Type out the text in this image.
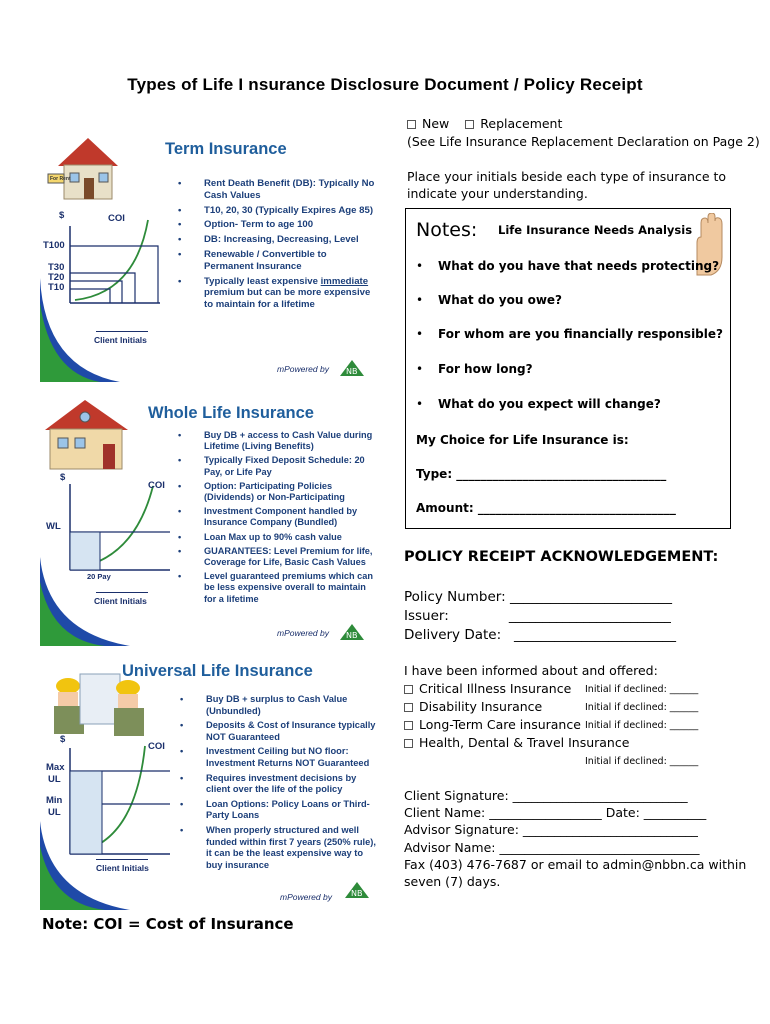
Types of Life I nsurance Disclosure Document / Policy Receipt
New Replacement
(See Life Insurance Replacement Declaration on Page 2)
Place your initials beside each type of insurance to
indicate your understanding.
Term Insurance
$	COI
T100
T30
T20
T10
For Rent
•	Rent Death Benefit (DB): Typically No Cash Values
• T10, 20, 30 (Typically Expires Age 85)
• Option- Term to age 100
• DB: Increasing, Decreasing, Level
• Renewable / Convertible to Permanent Insurance
• Typically least expensive immediate premium but can be more expensive to maintain for a lifetime
Client Initials
mPowered by NB
Whole Life Insurance
$
COI
WL
20 Pay
• Buy DB + access to Cash Value during Lifetime (Living Benefits)
• Typically Fixed Deposit Schedule: 20 Pay, or Life Pay
• Option: Participating Policies (Dividends) or Non-Participating
• Investment Component handled by Insurance Company (Bundled)
• Loan Max up to 90% cash value
• GUARANTEES: Level Premium for life, Coverage for Life, Basic Cash Values
• Level guaranteed premiums which can be less expensive overall to maintain for a lifetime
Client Initials
mPowered by NB
Universal Life Insurance
$
COI
Max
UL
Min
UL
• Buy DB + surplus to Cash Value (Unbundled)
• Deposits & Cost of Insurance typically NOT Guaranteed
• Investment Ceiling but NO floor: Investment Returns NOT Guaranteed
• Requires investment decisions by client over the life of the policy
• Loan Options: Policy Loans or Third-Party Loans
• When properly structured and well funded within first 7 years (250% rule), it can be the least expensive way to buy insurance
Client Initials
mPowered by NB
Note: COI = Cost of Insurance
Notes: Life Insurance Needs Analysis
• What do you have that needs protecting?
• What do you owe?
• For whom are you financially responsible?
• For how long?
• What do you expect will change?
My Choice for Life Insurance is:
Type: ___________________________________
Amount: _________________________________
POLICY RECEIPT ACKNOWLEDGEMENT:
Policy Number: ________________________
Issuer:              ________________________
Delivery Date:   ________________________
I have been informed about and offered:
Critical Illness Insurance Initial if declined: ______
Disability Insurance	Initial if declined: ______
Long-Term Care insurance Initial if declined: ______
Health, Dental & Travel Insurance
Initial if declined: ______
Client Signature: ____________________________
Client Name: __________________ Date: __________
Advisor Signature: ____________________________
Advisor Name: ________________________________
Fax (403) 476-7687 or email to admin@nbbn.ca within
seven (7) days.
